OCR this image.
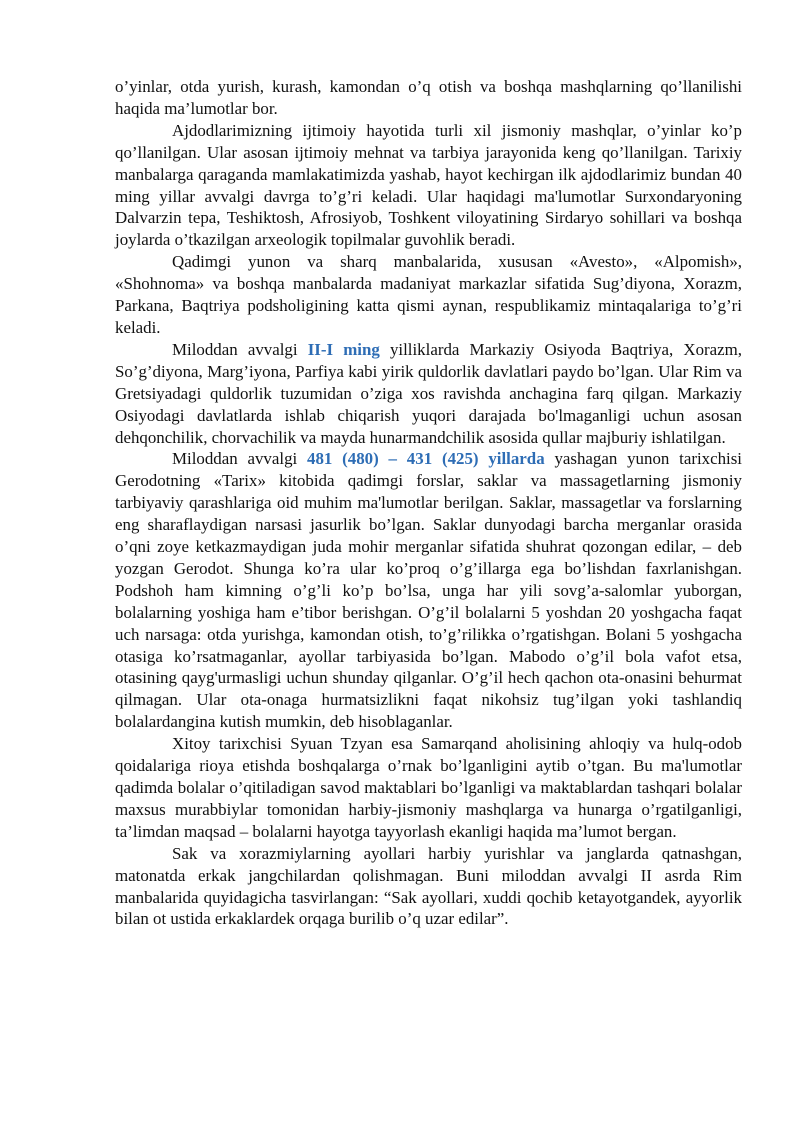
o’yinlar, otda yurish, kurash, kamondan o’q otish va boshqa mashqlarning qo’llanilishi haqida ma’lumotlar bor.

Ajdodlarimizning ijtimoiy hayotida turli xil jismoniy mashqlar, o’yinlar ko’p qo’llanilgan. Ular asosan ijtimoiy mehnat va tarbiya jarayonida keng qo’llanilgan. Tarixiy manbalarga qaraganda mamlakatimizda yashab, hayot kechirgan ilk ajdodlarimiz bundan 40 ming yillar avvalgi davrga to’g’ri keladi. Ular haqidagi ma'lumotlar Surxondaryoning Dalvarzin tepa, Teshiktosh, Afrosiyob, Toshkent viloyatining Sirdaryo sohillari va boshqa joylarda o’tkazilgan arxeologik topilmalar guvohlik beradi.

Qadimgi yunon va sharq manbalarida, xususan «Avesto», «Alpomish», «Shohnoma» va boshqa manbalarda madaniyat markazlar sifatida Sug’diyona, Xorazm, Parkana, Baqtriya podsholigining katta qismi aynan, respublikamiz mintaqalariga to’g’ri keladi.

Miloddan avvalgi II-I ming yilliklarda Markaziy Osiyoda Baqtriya, Xorazm, So’g’diyona, Marg’iyona, Parfiya kabi yirik quldorlik davlatlari paydo bo’lgan. Ular Rim va Gretsiyadagi quldorlik tuzumidan o’ziga xos ravishda anchagina farq qilgan. Markaziy Osiyodagi davlatlarda ishlab chiqarish yuqori darajada bo'lmaganligi uchun asosan dehqonchilik, chorvachilik va mayda hunarmandchilik asosida qullar majburiy ishlatilgan.

Miloddan avvalgi 481 (480) – 431 (425) yillarda yashagan yunon tarixchisi Gerodotning «Tarix» kitobida qadimgi forslar, saklar va massagetlarning jismoniy tarbiyaviy qarashlariga oid muhim ma'lumotlar berilgan. Saklar, massagetlar va forslarning eng sharaflaydigan narsasi jasurlik bo’lgan. Saklar dunyodagi barcha merganlar orasida o’qni zoye ketkazmaydigan juda mohir merganlar sifatida shuhrat qozongan edilar, – deb yozgan Gerodot. Shunga ko’ra ular ko’proq o’g’illarga ega bo’lishdan faxrlanishgan. Podshoh ham kimning o’g’li ko’p bo’lsa, unga har yili sovg’a-salomlar yuborgan, bolalarning yoshiga ham e’tibor berishgan. O’g’il bolalarni 5 yoshdan 20 yoshgacha faqat uch narsaga: otda yurishga, kamondan otish, to’g’rilikka o’rgatishgan. Bolani 5 yoshgacha otasiga ko’rsatmaganlar, ayollar tarbiyasida bo’lgan. Mabodo o’g’il bola vafot etsa, otasining qayg'urmasligi uchun shunday qilganlar. O’g’il hech qachon ota-onasini behurmat qilmagan. Ular ota-onaga hurmatsizlikni faqat nikohsiz tug’ilgan yoki tashlandiq bolalardangina kutish mumkin, deb hisoblaganlar.

Xitoy tarixchisi Syuan Tzyan esa Samarqand aholisining ahloqiy va hulq-odob qoidalariga rioya etishda boshqalarga o’rnak bo’lganligini aytib o’tgan. Bu ma'lumotlar qadimda bolalar o’qitiladigan savod maktablari bo’lganligi va maktablardan tashqari bolalar maxsus murabbiylar tomonidan harbiy-jismoniy mashqlarga va hunarga o’rgatilganligi, ta’limdan maqsad – bolalarni hayotga tayyorlash ekanligi haqida ma’lumot bergan.

Sak va xorazmiylarning ayollari harbiy yurishlar va janglarda qatnashgan, matonatda erkak jangchilardan qolishmagan. Buni miloddan avvalgi II asrda Rim manbalarida quyidagicha tasvirlangan: “Sak ayollari, xuddi qochib ketayotgandek, ayyorlik bilan ot ustida erkaklardek orqaga burilib o’q uzar edilar”.
